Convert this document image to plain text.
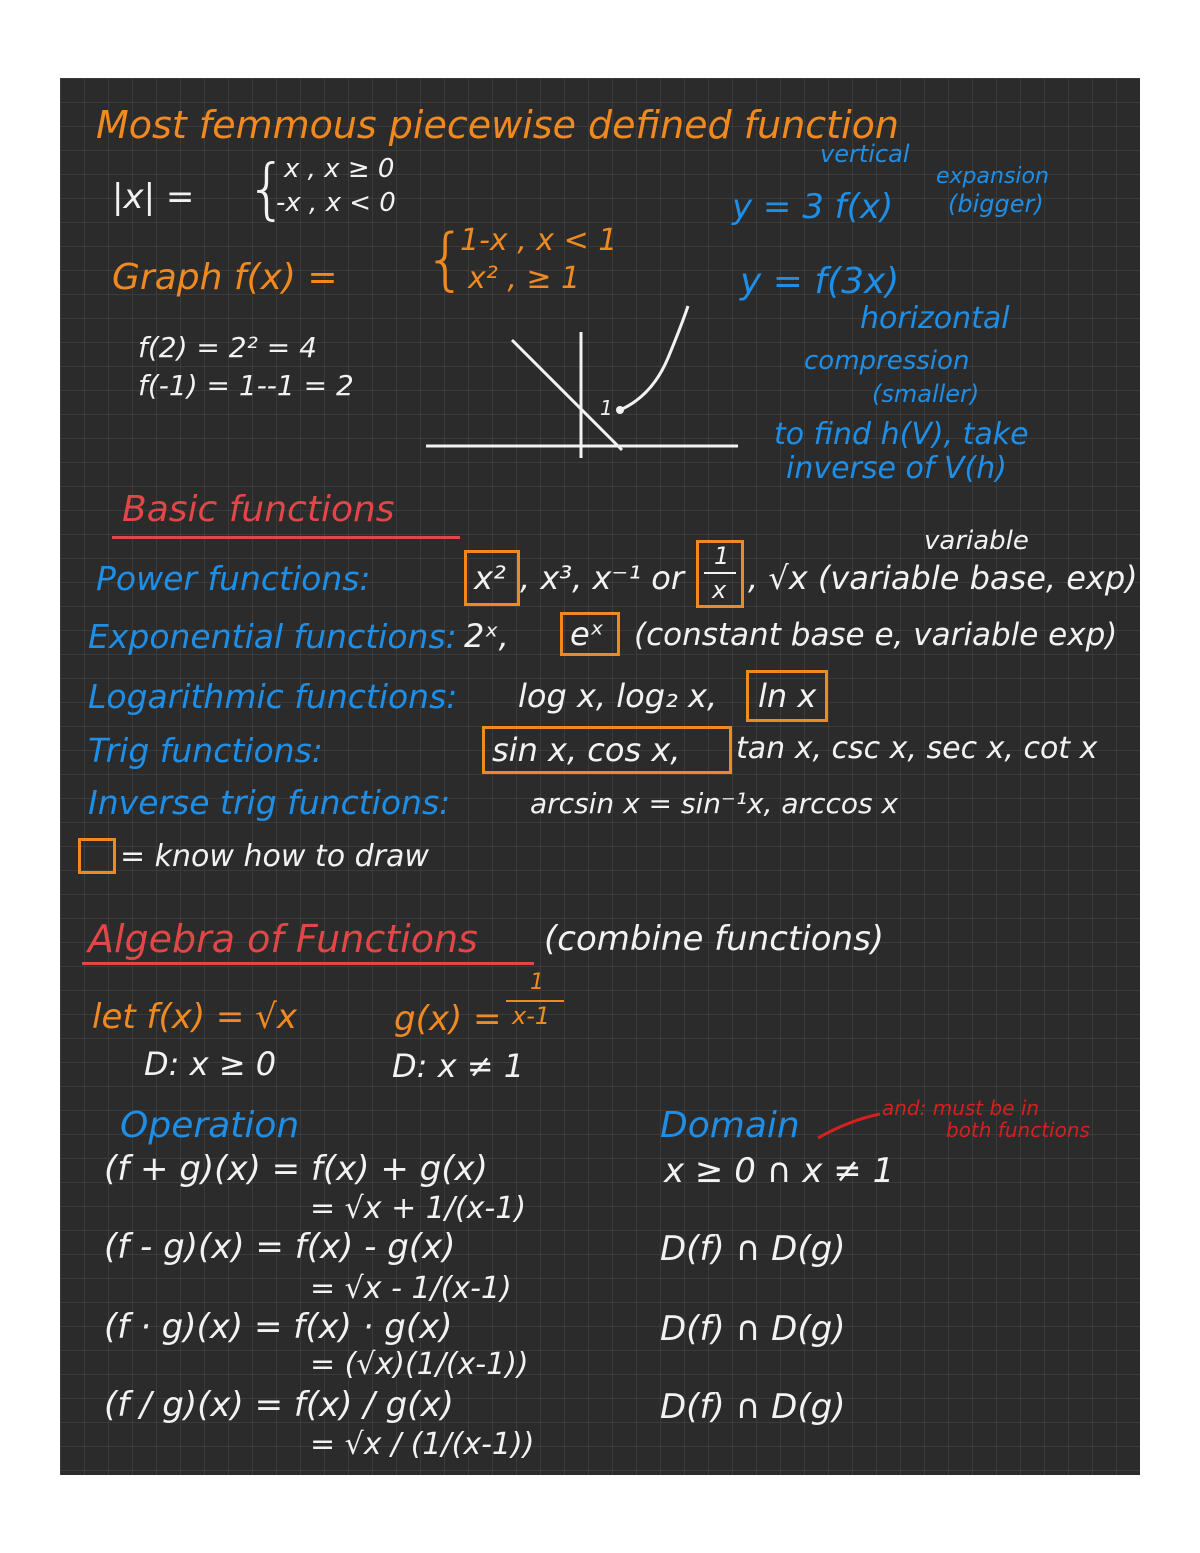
Most femmous piecewise defined function
|x| = {
x , x ≥ 0
-x , x < 0
Graph f(x) = {
1-x , x < 1
x² , ≥ 1
f(2) = 2² = 4
f(-1) = 1--1 = 2
1
vertical
expansion
y = 3 f(x) (bigger)
y = f(3x)
horizontal
compression
(smaller)
to find h(V), take
inverse of V(h)
Basic functions
variable
Power functions:	x² , x³, x⁻¹ or
1
x , √x (variable base, exp)
Exponential functions: 2ˣ, eˣ (constant base e, variable exp)
Logarithmic functions: log x, log₂ x, ln x
Trig functions:	sin x, cos x, tan x, csc x, sec x, cot x
Inverse trig functions:	arcsin x = sin⁻¹x, arccos x
= know how to draw
Algebra of Functions (combine functions)
let f(x) = √x	g(x) =
1
x-1
D: x ≥ 0	D: x ≠ 1
Operation	Domain	and: must be in
both functions
(f + g)(x) = f(x) + g(x)
= √x + 1/(x-1)
x ≥ 0 ∩ x ≠ 1
(f - g)(x) = f(x) - g(x)
= √x - 1/(x-1)
D(f) ∩ D(g)
(f · g)(x) = f(x) · g(x)
= (√x)(1/(x-1))
D(f) ∩ D(g)
(f / g)(x) = f(x) / g(x)
= √x / (1/(x-1))
D(f) ∩ D(g)
